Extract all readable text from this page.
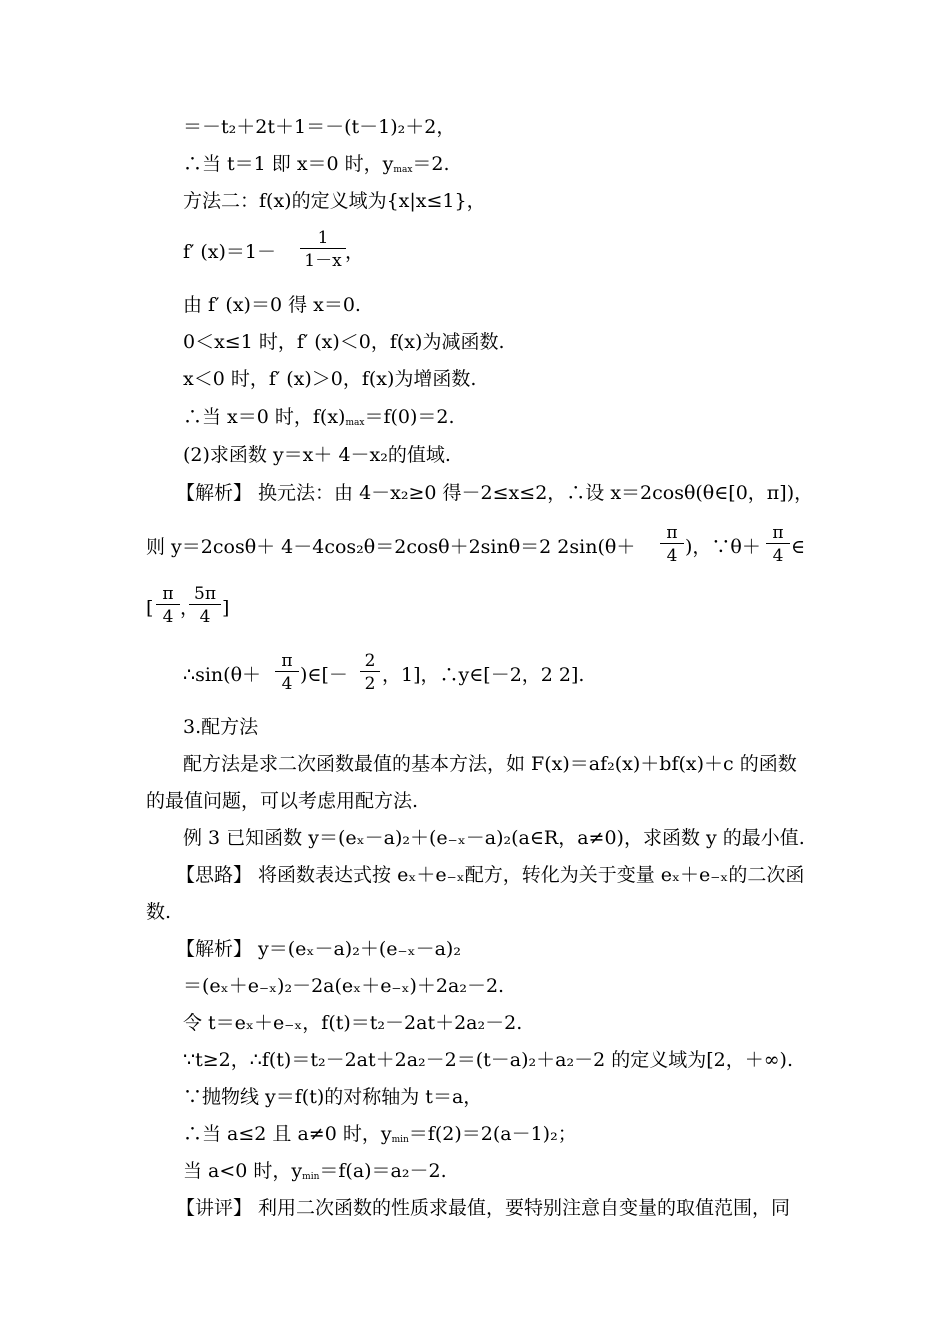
＝－t₂＋2t＋1＝－(t－1)₂＋2，
∴当 t＝1 即 x＝0 时，$y_{max}=2$.
方法二：f(x)的定义域为{x|x≤1}，
f′ $(x)=1- \frac{1}{1-x}$ ，
由 f′ (x)＝0 得 x＝0.
0＜x≤1 时，f′ (x)＜0，f(x)为减函数.
x＜0 时，f′ (x)＞0，f(x)为增函数.
∴当 x＝0 时，$f(x)_{max}=f(0)=2$.
(2)求函数 y＝x＋ 4－x₂的值域.
【解析】 换元法：由 4－x₂≥0 得－2≤x≤2，∴设 x＝2cosθ(θ∈[0，π])，
则 y＝2cosθ＋ 4－4cos₂θ＝2cosθ＋2sinθ＝2 $2\sin(\theta+ \frac{\pi}{4}$ )，∵θ＋ $\frac{\pi}{4}$ ∈
[ $\frac{\pi}{4}$ ，
$\frac{5\pi}{4}$ ]
∴sin(θ＋ $\frac{\pi}{4}$ )∈[－ $\frac{2}{2}$ ，1]，∴y∈[－2，2 2].
3.配方法
配方法是求二次函数最值的基本方法，如 F(x)＝af₂(x)＋bf(x)＋c 的函数
的最值问题，可以考虑用配方法.
例 3 已知函数 y＝(eₓ－a)₂＋(e₋ₓ－a)₂(a∈R，a≠0)，求函数 y 的最小值.
【思路】 将函数表达式按 eₓ＋e₋ₓ配方，转化为关于变量 eₓ＋e₋ₓ的二次函
数.
【解析】 y＝(eₓ－a)₂＋(e₋ₓ－a)₂
＝(eₓ＋e₋ₓ)₂－2a(eₓ＋e₋ₓ)＋2a₂－2.
令 t＝eₓ＋e₋ₓ，f(t)＝t₂－2at＋2a₂－2.
∵t≥2，∴f(t)＝t₂－2at＋2a₂－2＝(t－a)₂＋a₂－2 的定义域为[2，＋∞).
∵抛物线 y＝f(t)的对称轴为 t＝a，
∴当 a≤2 且 a≠0 时，$y_{min}=f(2)=2(a-1)_2$；
当 a<0 时，$y_{min}=f(a)=a_2-2$.
【讲评】 利用二次函数的性质求最值，要特别注意自变量的取值范围，同
